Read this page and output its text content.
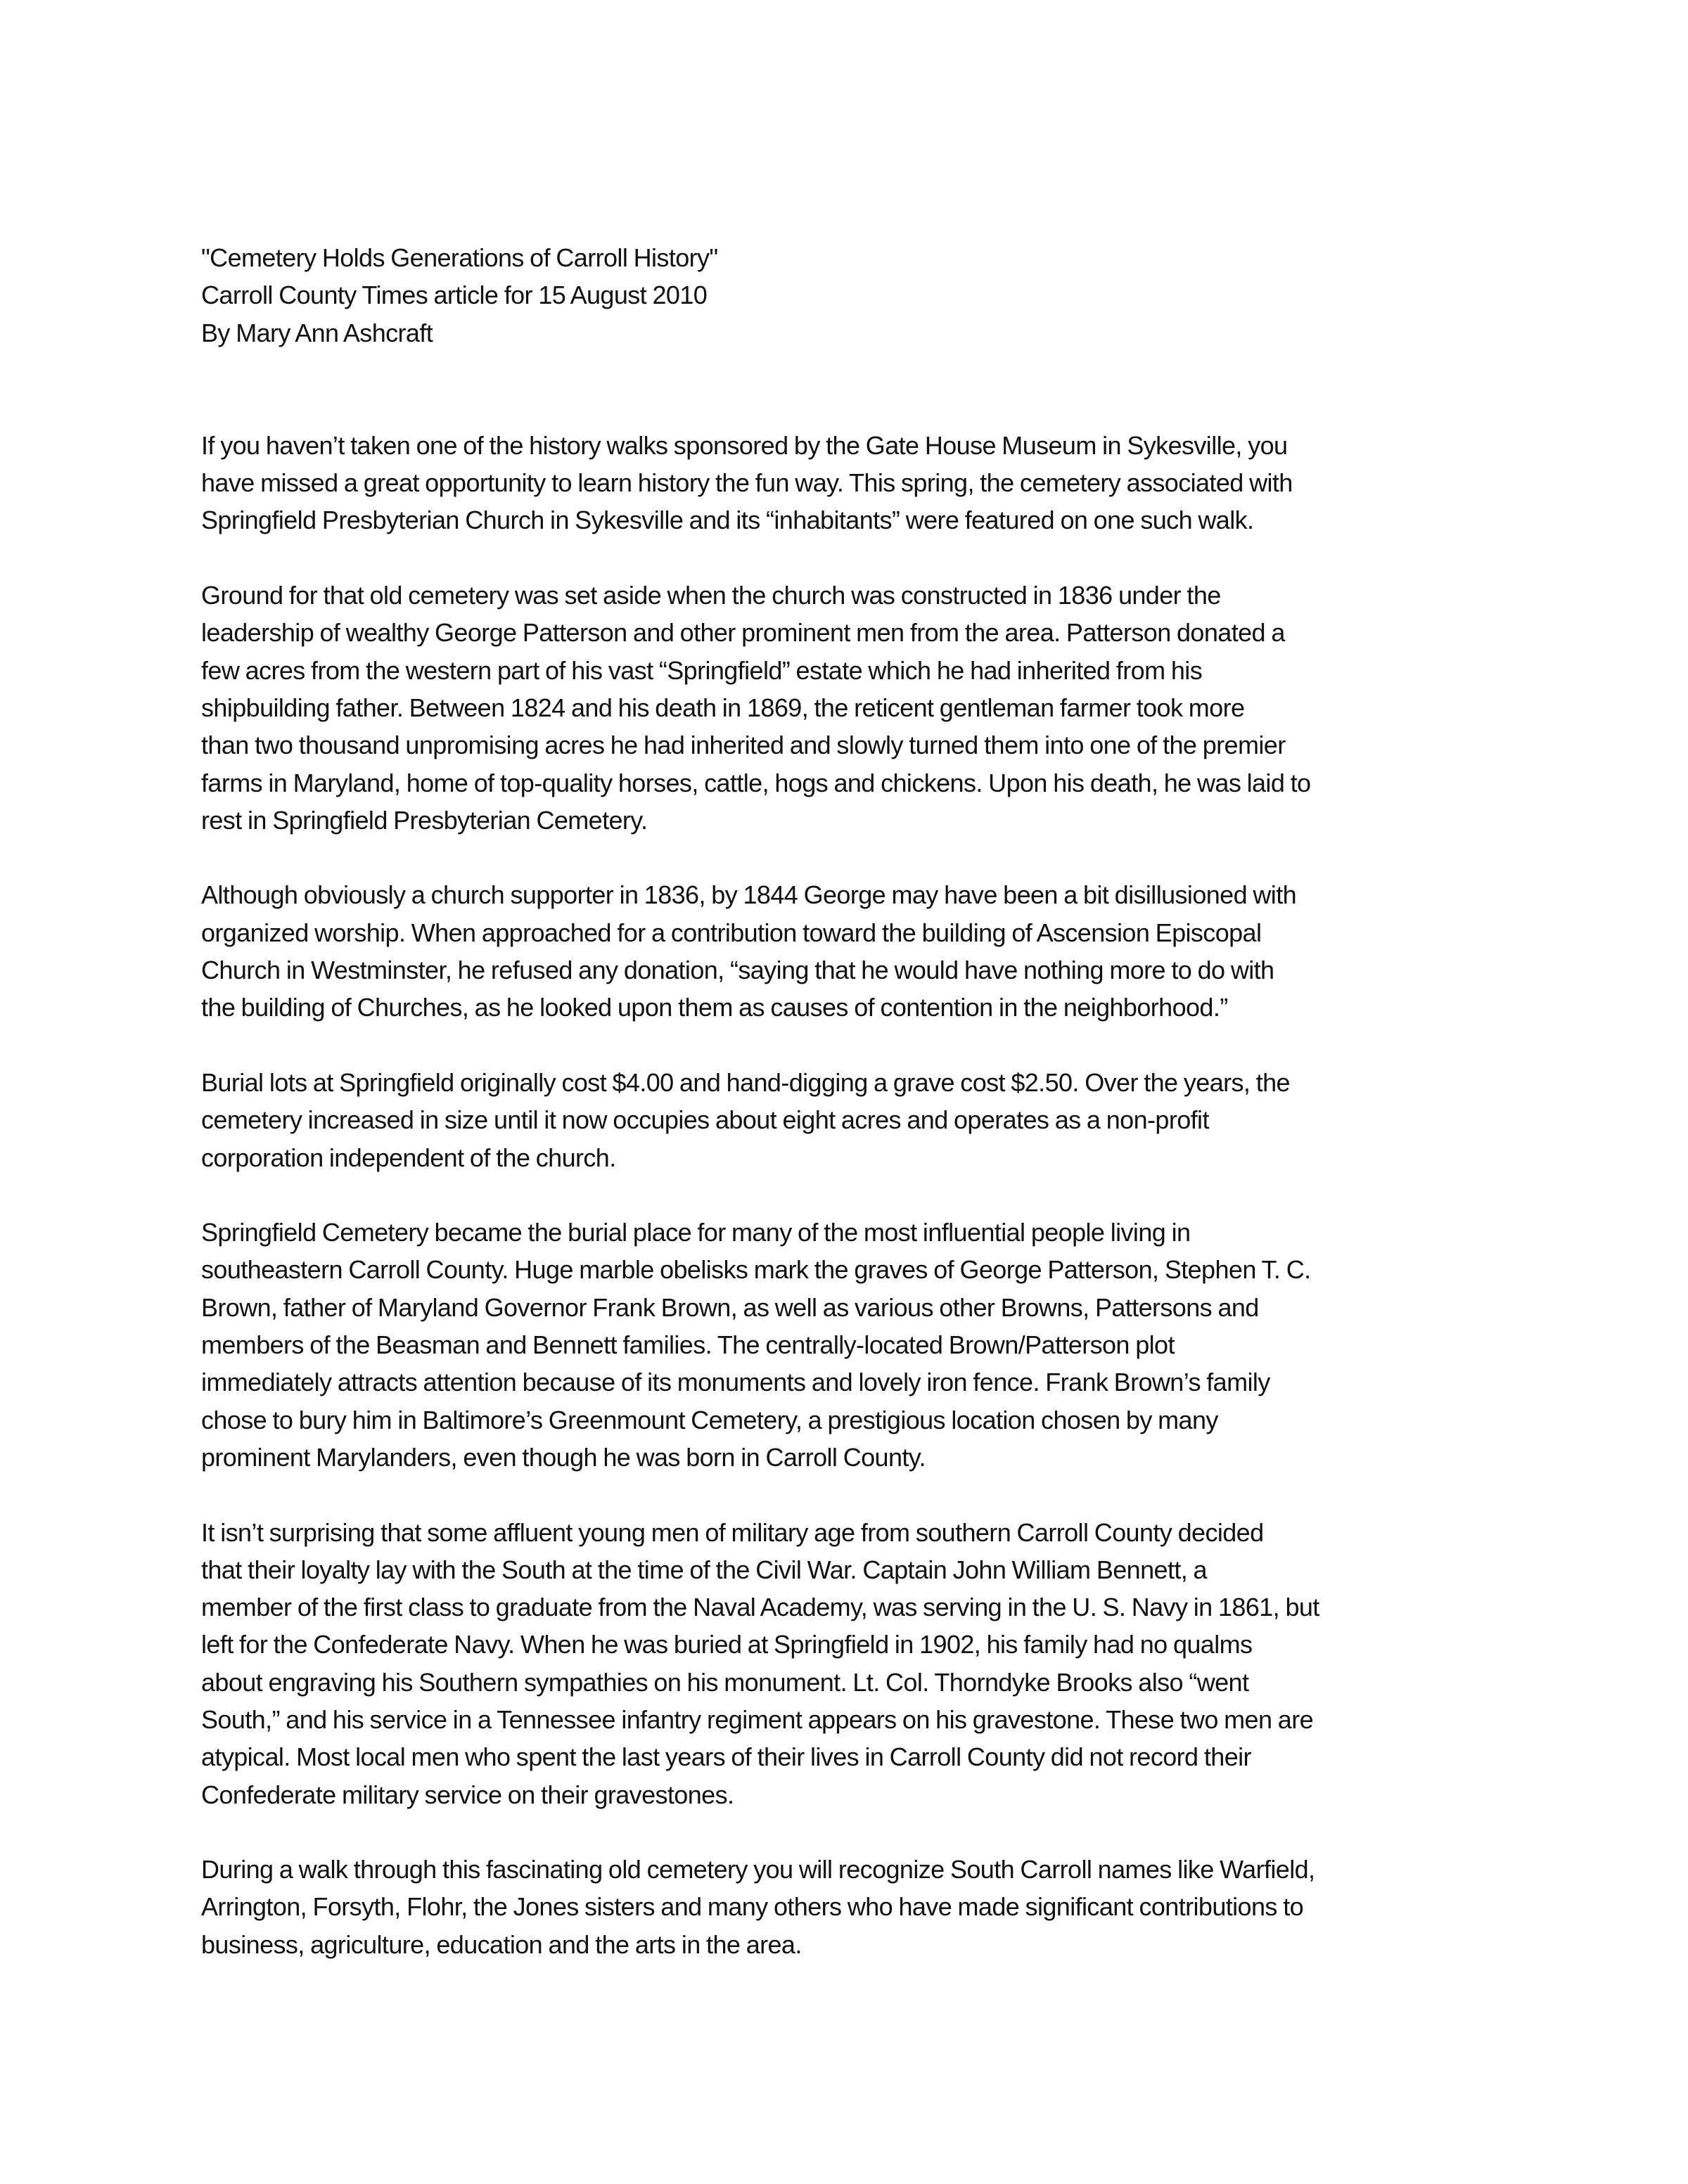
"Cemetery Holds Generations of Carroll History"
Carroll County Times article for 15 August 2010
By Mary Ann Ashcraft
If you haven’t taken one of the history walks sponsored by the Gate House Museum in Sykesville, you
have missed a great opportunity to learn history the fun way. This spring, the cemetery associated with
Springfield Presbyterian Church in Sykesville and its “inhabitants” were featured on one such walk.
Ground for that old cemetery was set aside when the church was constructed in 1836 under the
leadership of wealthy George Patterson and other prominent men from the area. Patterson donated a
few acres from the western part of his vast “Springfield” estate which he had inherited from his
shipbuilding father. Between 1824 and his death in 1869, the reticent gentleman farmer took more
than two thousand unpromising acres he had inherited and slowly turned them into one of the premier
farms in Maryland, home of top-quality horses, cattle, hogs and chickens. Upon his death, he was laid to
rest in Springfield Presbyterian Cemetery.
Although obviously a church supporter in 1836, by 1844 George may have been a bit disillusioned with
organized worship. When approached for a contribution toward the building of Ascension Episcopal
Church in Westminster, he refused any donation, “saying that he would have nothing more to do with
the building of Churches, as he looked upon them as causes of contention in the neighborhood.”
Burial lots at Springfield originally cost $4.00 and hand-digging a grave cost $2.50. Over the years, the
cemetery increased in size until it now occupies about eight acres and operates as a non-profit
corporation independent of the church.
Springfield Cemetery became the burial place for many of the most influential people living in
southeastern Carroll County. Huge marble obelisks mark the graves of George Patterson, Stephen T. C.
Brown, father of Maryland Governor Frank Brown, as well as various other Browns, Pattersons and
members of the Beasman and Bennett families. The centrally-located Brown/Patterson plot
immediately attracts attention because of its monuments and lovely iron fence. Frank Brown’s family
chose to bury him in Baltimore’s Greenmount Cemetery, a prestigious location chosen by many
prominent Marylanders, even though he was born in Carroll County.
It isn’t surprising that some affluent young men of military age from southern Carroll County decided
that their loyalty lay with the South at the time of the Civil War. Captain John William Bennett, a
member of the first class to graduate from the Naval Academy, was serving in the U. S. Navy in 1861, but
left for the Confederate Navy. When he was buried at Springfield in 1902, his family had no qualms
about engraving his Southern sympathies on his monument. Lt. Col. Thorndyke Brooks also “went
South,” and his service in a Tennessee infantry regiment appears on his gravestone. These two men are
atypical. Most local men who spent the last years of their lives in Carroll County did not record their
Confederate military service on their gravestones.
During a walk through this fascinating old cemetery you will recognize South Carroll names like Warfield,
Arrington, Forsyth, Flohr, the Jones sisters and many others who have made significant contributions to
business, agriculture, education and the arts in the area.
